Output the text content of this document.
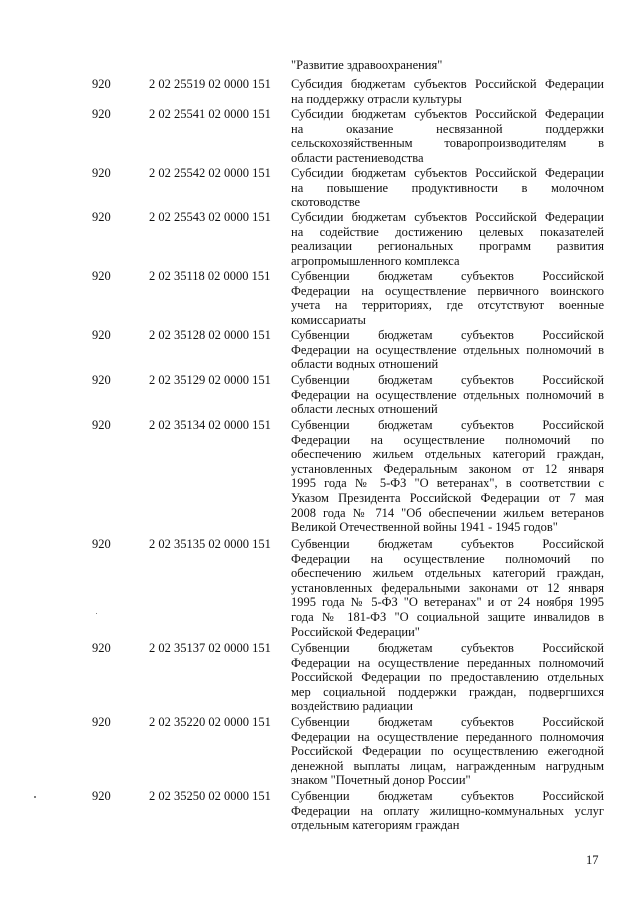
"Развитие здравоохранения"
920	2 02 25519 02 0000 151	Субсидия бюджетам субъектов Российской Федерации
на поддержку отрасли культуры
920	2 02 25541 02 0000 151	Субсидии бюджетам субъектов Российской Федерации
на оказание несвязанной поддержки
сельскохозяйственным товаропроизводителям в
области растениеводства
920	2 02 25542 02 0000 151	Субсидии бюджетам субъектов Российской Федерации
на повышение продуктивности в молочном
скотоводстве
920	2 02 25543 02 0000 151	Субсидии бюджетам субъектов Российской Федерации
на содействие достижению целевых показателей
реализации региональных программ развития
агропромышленного комплекса
920	2 02 35118 02 0000 151	Субвенции бюджетам субъектов Российской
Федерации на осуществление первичного воинского
учета на территориях, где отсутствуют военные
комиссариаты
920	2 02 35128 02 0000 151	Субвенции бюджетам субъектов Российской
Федерации на осуществление отдельных полномочий в
области водных отношений
920	2 02 35129 02 0000 151	Субвенции бюджетам субъектов Российской
Федерации на осуществление отдельных полномочий в
области лесных отношений
920	2 02 35134 02 0000 151	Субвенции бюджетам субъектов Российской
Федерации на осуществление полномочий по
обеспечению жильем отдельных категорий граждан,
установленных Федеральным законом от 12 января
1995 года № 5-ФЗ "О ветеранах", в соответствии с
Указом Президента Российской Федерации от 7 мая
2008 года № 714 "Об обеспечении жильем ветеранов
Великой Отечественной войны 1941 - 1945 годов"
920	2 02 35135 02 0000 151	Субвенции бюджетам субъектов Российской
Федерации на осуществление полномочий по
обеспечению жильем отдельных категорий граждан,
установленных федеральными законами от 12 января
1995 года № 5-ФЗ "О ветеранах" и от 24 ноября 1995
года № 181-ФЗ "О социальной защите инвалидов в
Российской Федерации"
920	2 02 35137 02 0000 151	Субвенции бюджетам субъектов Российской
Федерации на осуществление переданных полномочий
Российской Федерации по предоставлению отдельных
мер социальной поддержки граждан, подвергшихся
воздействию радиации
920	2 02 35220 02 0000 151	Субвенции бюджетам субъектов Российской
Федерации на осуществление переданного полномочия
Российской Федерации по осуществлению ежегодной
денежной выплаты лицам, награжденным нагрудным
знаком "Почетный донор России"
920	2 02 35250 02 0000 151	Субвенции бюджетам субъектов Российской
Федерации на оплату жилищно-коммунальных услуг
отдельным категориям граждан
17
